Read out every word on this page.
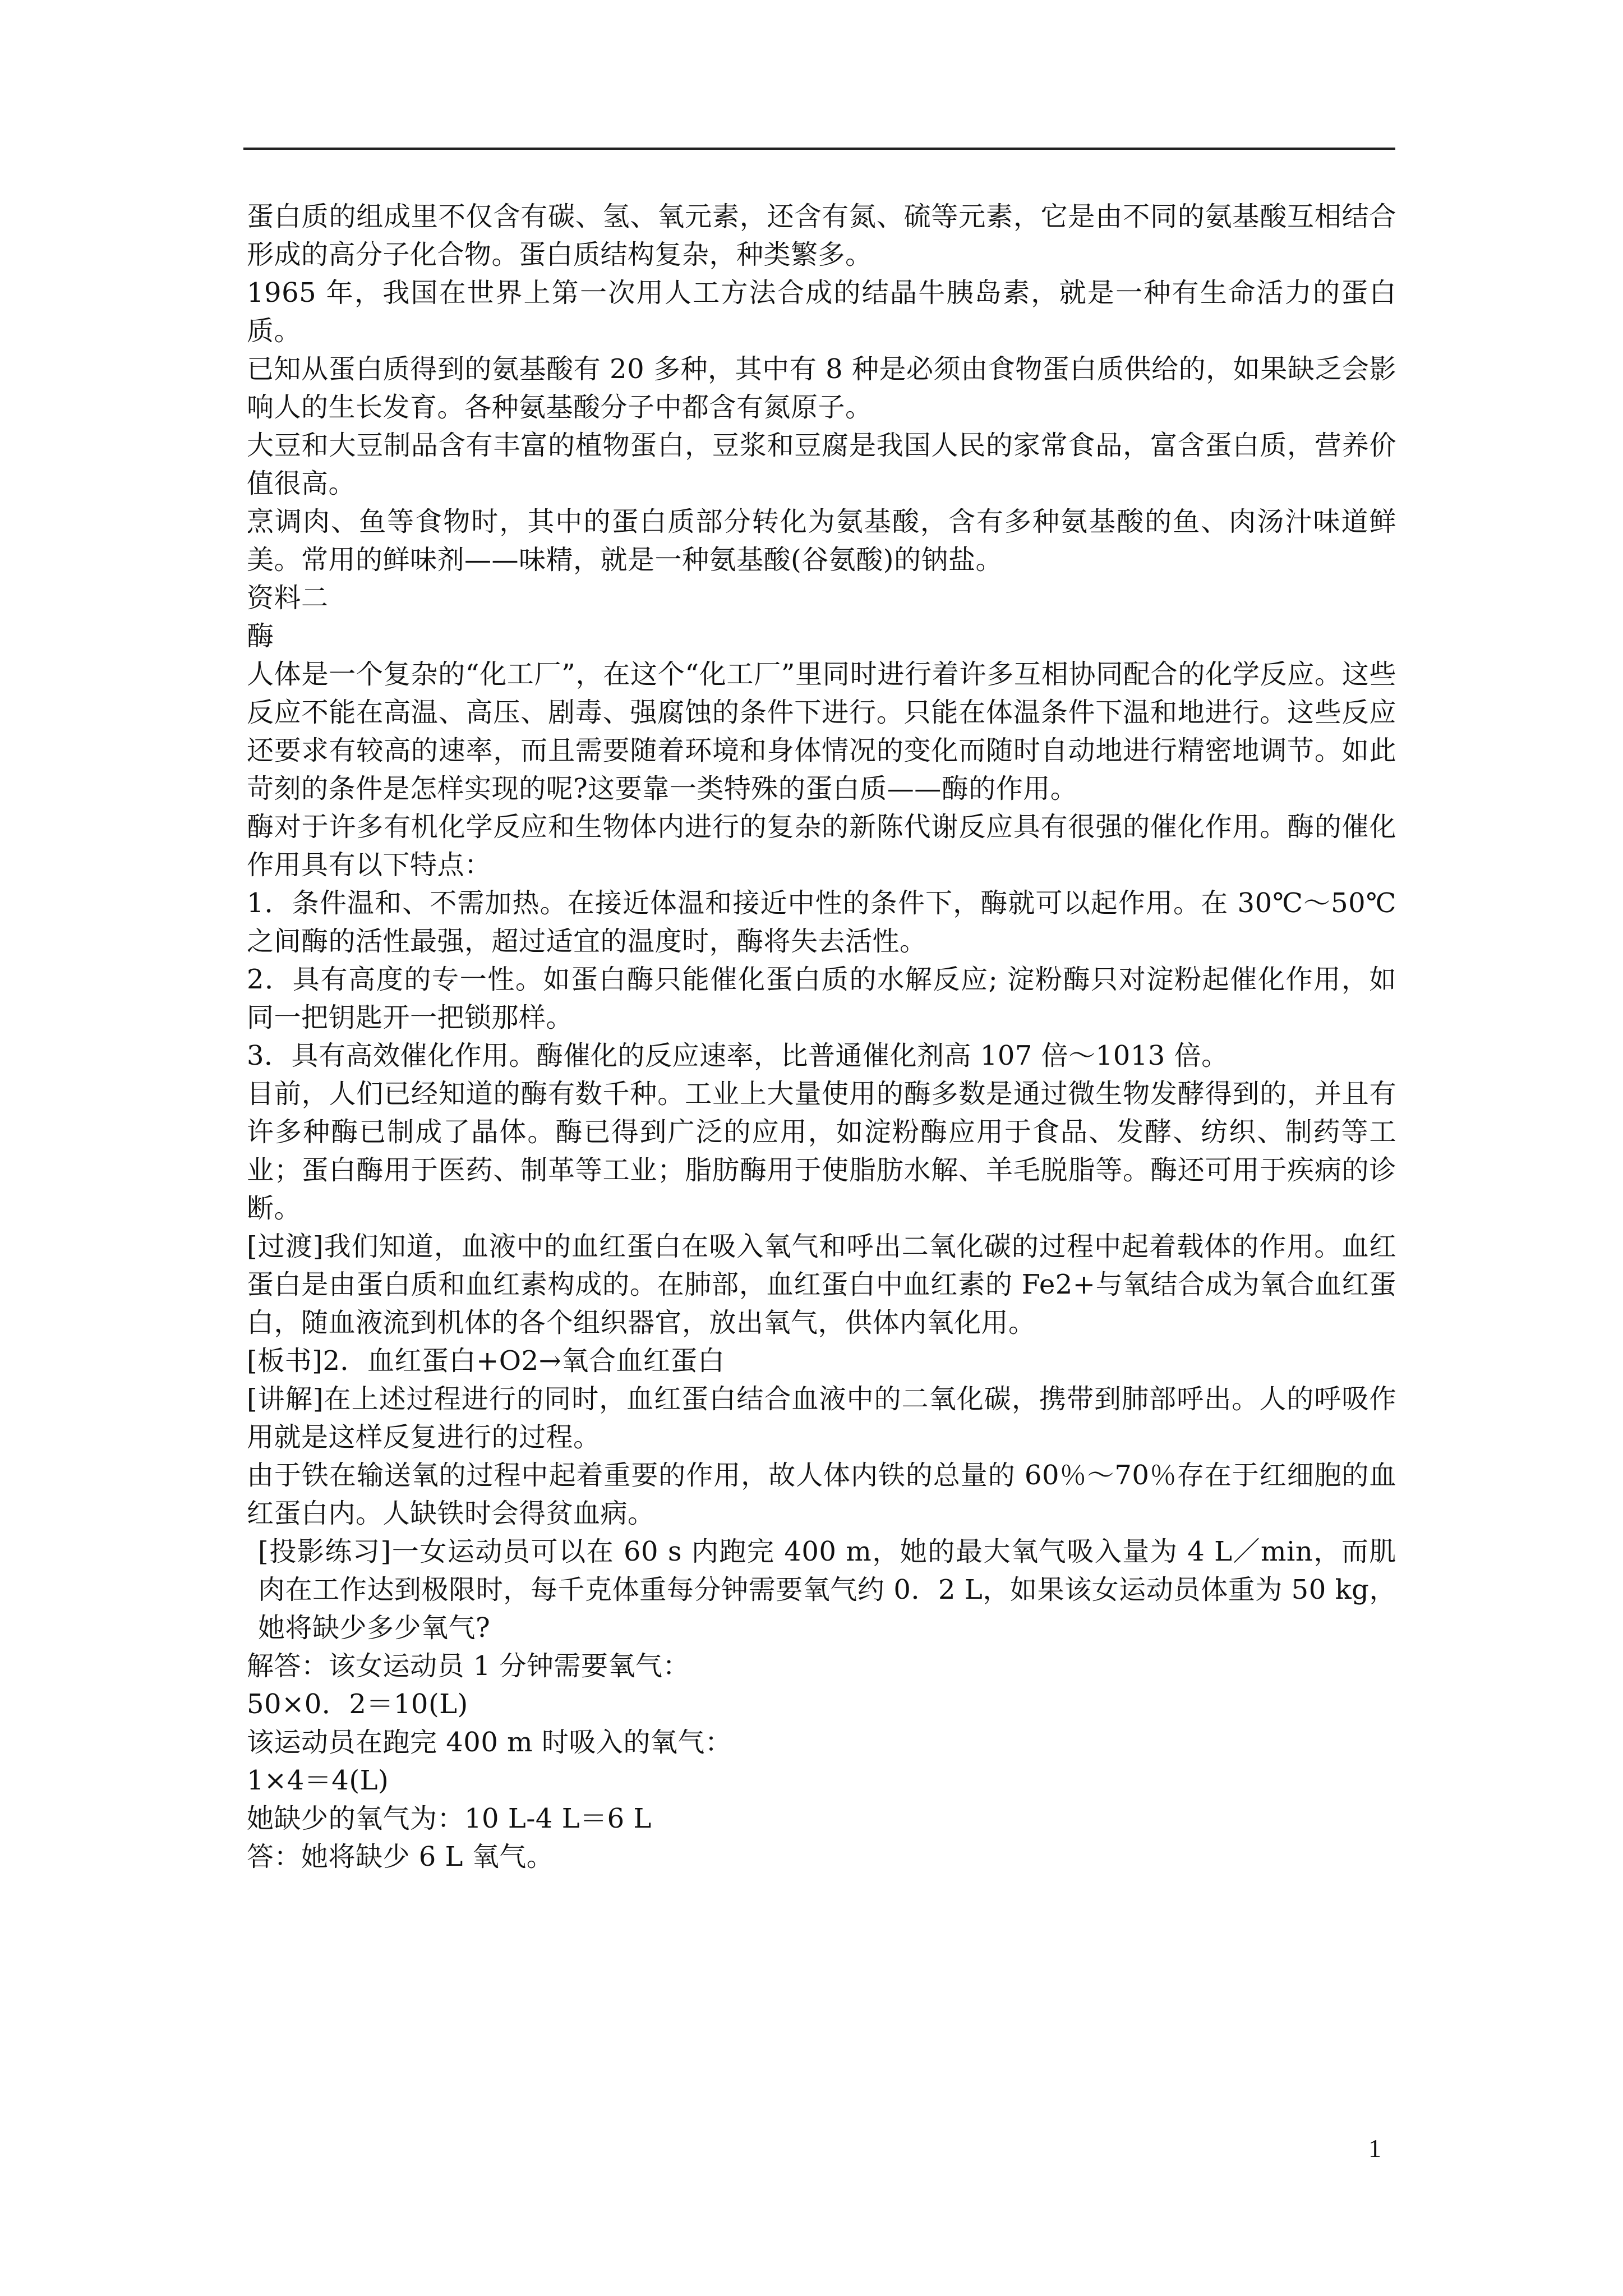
蛋白质的组成里不仅含有碳、氢、氧元素，还含有氮、硫等元素，它是由不同的氨基酸互相结合形成的高分子化合物。蛋白质结构复杂，种类繁多。

1965 年，我国在世界上第一次用人工方法合成的结晶牛胰岛素，就是一种有生命活力的蛋白质。

已知从蛋白质得到的氨基酸有 20 多种，其中有 8 种是必须由食物蛋白质供给的，如果缺乏会影响人的生长发育。各种氨基酸分子中都含有氮原子。

大豆和大豆制品含有丰富的植物蛋白，豆浆和豆腐是我国人民的家常食品，富含蛋白质，营养价值很高。

烹调肉、鱼等食物时，其中的蛋白质部分转化为氨基酸，含有多种氨基酸的鱼、肉汤汁味道鲜美。常用的鲜味剂——味精，就是一种氨基酸(谷氨酸)的钠盐。

资料二

酶

人体是一个复杂的“化工厂”，在这个“化工厂”里同时进行着许多互相协同配合的化学反应。这些反应不能在高温、高压、剧毒、强腐蚀的条件下进行。只能在体温条件下温和地进行。这些反应还要求有较高的速率，而且需要随着环境和身体情况的变化而随时自动地进行精密地调节。如此苛刻的条件是怎样实现的呢?这要靠一类特殊的蛋白质——酶的作用。

酶对于许多有机化学反应和生物体内进行的复杂的新陈代谢反应具有很强的催化作用。酶的催化作用具有以下特点：

1．条件温和、不需加热。在接近体温和接近中性的条件下，酶就可以起作用。在 30℃～50℃之间酶的活性最强，超过适宜的温度时，酶将失去活性。

2．具有高度的专一性。如蛋白酶只能催化蛋白质的水解反应; 淀粉酶只对淀粉起催化作用，如同一把钥匙开一把锁那样。

3．具有高效催化作用。酶催化的反应速率，比普通催化剂高 107 倍～1013 倍。

目前，人们已经知道的酶有数千种。工业上大量使用的酶多数是通过微生物发酵得到的，并且有许多种酶已制成了晶体。酶已得到广泛的应用，如淀粉酶应用于食品、发酵、纺织、制药等工业；蛋白酶用于医药、制革等工业；脂肪酶用于使脂肪水解、羊毛脱脂等。酶还可用于疾病的诊断。

[过渡]我们知道，血液中的血红蛋白在吸入氧气和呼出二氧化碳的过程中起着载体的作用。血红蛋白是由蛋白质和血红素构成的。在肺部，血红蛋白中血红素的 Fe2+与氧结合成为氧合血红蛋白，随血液流到机体的各个组织器官，放出氧气，供体内氧化用。

[板书]2．血红蛋白+O2→氧合血红蛋白

[讲解]在上述过程进行的同时，血红蛋白结合血液中的二氧化碳，携带到肺部呼出。人的呼吸作用就是这样反复进行的过程。

由于铁在输送氧的过程中起着重要的作用，故人体内铁的总量的 60％～70％存在于红细胞的血红蛋白内。人缺铁时会得贫血病。

[投影练习]一女运动员可以在 60 s 内跑完 400 m，她的最大氧气吸入量为 4 L／min，而肌肉在工作达到极限时，每千克体重每分钟需要氧气约 0．2 L，如果该女运动员体重为 50 kg，她将缺少多少氧气?

解答：该女运动员 1 分钟需要氧气：

50×0．2＝10(L)

该运动员在跑完 400 m 时吸入的氧气：

1×4＝4(L)

她缺少的氧气为：10 L-4 L＝6 L

答：她将缺少 6 L 氧气。

1
